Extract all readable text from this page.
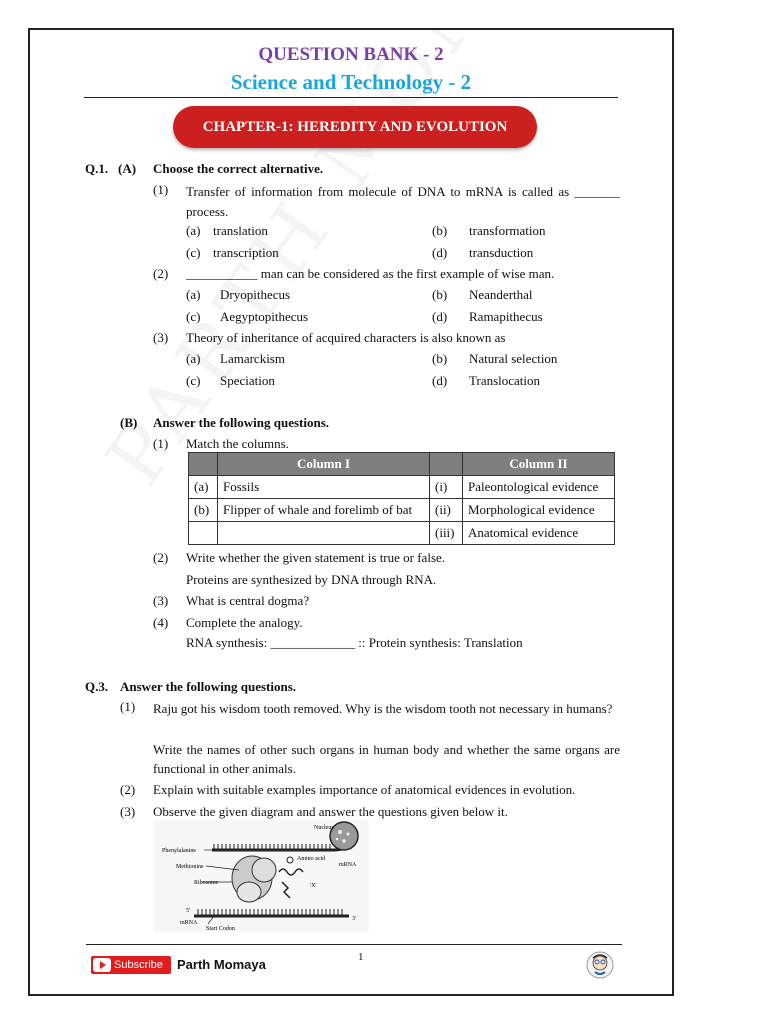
QUESTION BANK - 2
Science and Technology - 2
CHAPTER-1: HEREDITY AND EVOLUTION
Q.1. (A) Choose the correct alternative.
(1) Transfer of information from molecule of DNA to mRNA is called as _______ process.
(a) translation	(b) transformation
(c) transcription	(d) transduction
(2) ___________ man can be considered as the first example of wise man.
(a) Dryopithecus	(b) Neanderthal
(c) Aegyptopithecus	(d) Ramapithecus
(3) Theory of inheritance of acquired characters is also known as
(a) Lamarckism	(b) Natural selection
(c) Speciation	(d) Translocation
(B) Answer the following questions.
(1) Match the columns.
	Column I		Column II
(a)	Fossils	(i)	Paleontological evidence
(b)	Flipper of whale and forelimb of bat	(ii)	Morphological evidence
		(iii)	Anatomical evidence
(2) Write whether the given statement is true or false.
Proteins are synthesized by DNA through RNA.
(3) What is central dogma?
(4) Complete the analogy.
RNA synthesis: _____________ :: Protein synthesis: Translation
Q.3. Answer the following questions.
(1) Raju got his wisdom tooth removed. Why is the wisdom tooth not necessary in humans?
Write the names of other such organs in human body and whether the same organs are functional in other animals.
(2) Explain with suitable examples importance of anatomical evidences in evolution.
(3) Observe the given diagram and answer the questions given below it.
Nucleus
Phenylalanine
Methionine
Amino acid
mRNA
Ribosome	'X'
5'
3'
mRNA
Start Codon
Subscribe Parth Momaya	1
